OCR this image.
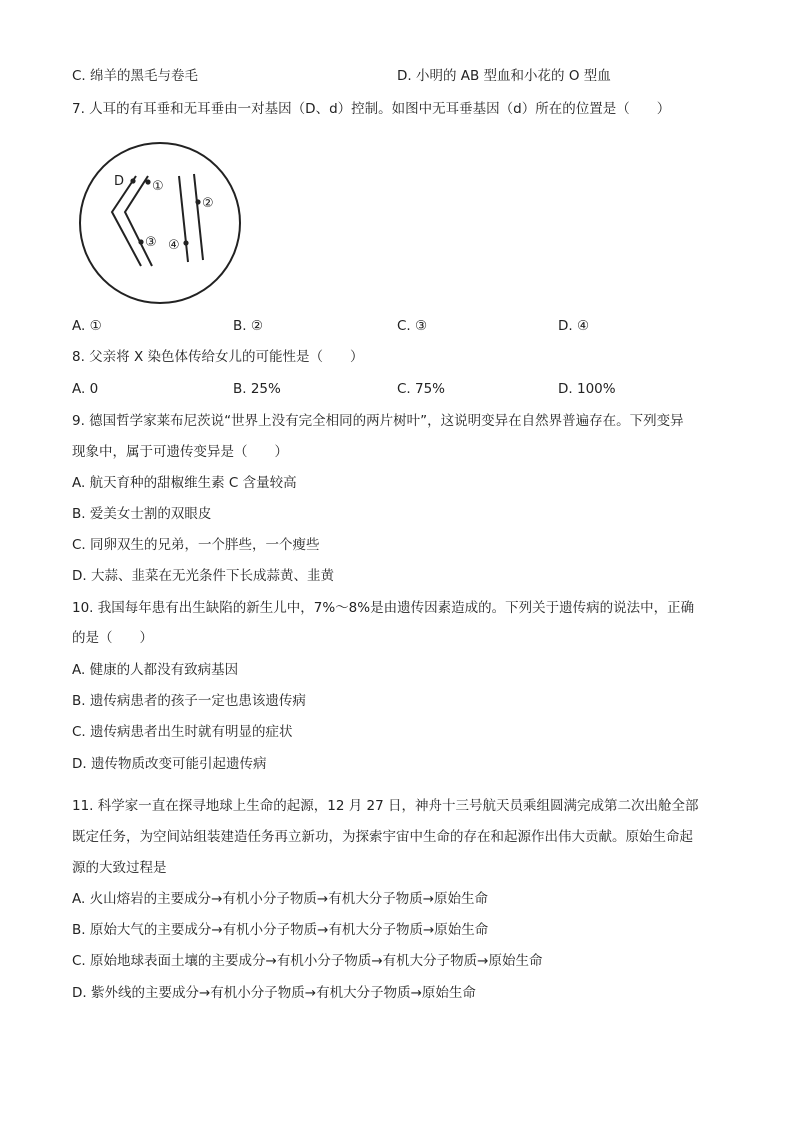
C. 绵羊的黑毛与卷毛	D. 小明的 AB 型血和小花的 O 型血
7. 人耳的有耳垂和无耳垂由一对基因（D、d）控制。如图中无耳垂基因（d）所在的位置是（　　）
D ①
②
③ ④
A. ①	B. ②	C. ③	D. ④
8. 父亲将 X 染色体传给女儿的可能性是（　　）
A. 0	B. 25%	C. 75%	D. 100%
9. 德国哲学家莱布尼茨说“世界上没有完全相同的两片树叶”，这说明变异在自然界普遍存在。下列变异
现象中，属于可遗传变异是（　　）
A. 航天育种的甜椒维生素 C 含量较高
B. 爱美女士割的双眼皮
C. 同卵双生的兄弟，一个胖些，一个瘦些
D. 大蒜、韭菜在无光条件下长成蒜黄、韭黄
10. 我国每年患有出生缺陷的新生儿中，7%～8%是由遗传因素造成的。下列关于遗传病的说法中，正确
的是（　　）
A. 健康的人都没有致病基因
B. 遗传病患者的孩子一定也患该遗传病
C. 遗传病患者出生时就有明显的症状
D. 遗传物质改变可能引起遗传病
11. 科学家一直在探寻地球上生命的起源，12 月 27 日，神舟十三号航天员乘组圆满完成第二次出舱全部
既定任务，为空间站组装建造任务再立新功，为探索宇宙中生命的存在和起源作出伟大贡献。原始生命起
源的大致过程是
A. 火山熔岩的主要成分→有机小分子物质→有机大分子物质→原始生命
B. 原始大气的主要成分→有机小分子物质→有机大分子物质→原始生命
C. 原始地球表面土壤的主要成分→有机小分子物质→有机大分子物质→原始生命
D. 紫外线的主要成分→有机小分子物质→有机大分子物质→原始生命
